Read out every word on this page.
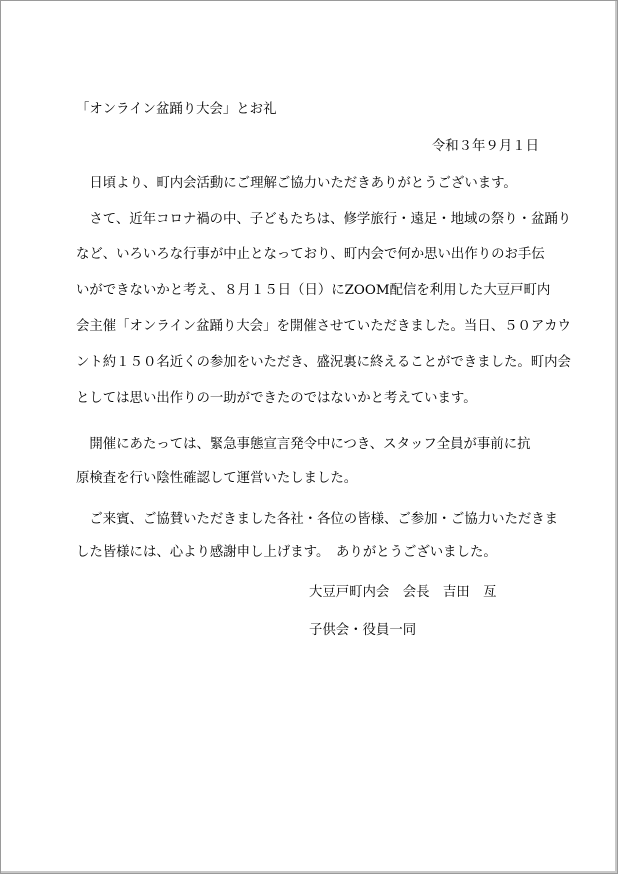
「オンライン盆踊り大会」とお礼
令和３年９月１日
　日頃より、町内会活動にご理解ご協力いただきありがとうございます。
　さて、近年コロナ禍の中、子どもたちは、修学旅行・遠足・地域の祭り・盆踊り
など、いろいろな行事が中止となっており、町内会で何か思い出作りのお手伝
いができないかと考え、８月１５日（日）にZOOM配信を利用した大豆戸町内
会主催「オンライン盆踊り大会」を開催させていただきました。当日、５０アカウ
ント約１５０名近くの参加をいただき、盛況裏に終えることができました。町内会
としては思い出作りの一助ができたのではないかと考えています。
　開催にあたっては、緊急事態宣言発令中につき、スタッフ全員が事前に抗
原検査を行い陰性確認して運営いたしました。
　ご来賓、ご協賛いただきました各社・各位の皆様、ご参加・ご協力いただきま
した皆様には、心より感謝申し上げます。　ありがとうございました。
大豆戸町内会　会長　吉田　亙
子供会・役員一同
